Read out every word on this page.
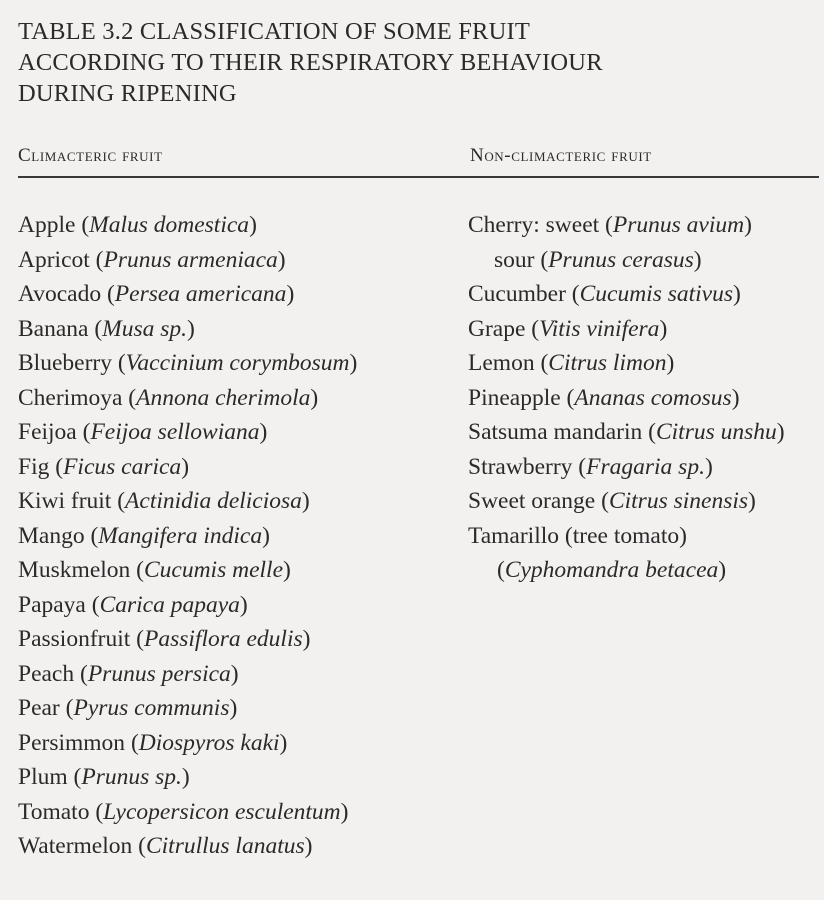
TABLE 3.2 CLASSIFICATION OF SOME FRUIT
ACCORDING TO THEIR RESPIRATORY BEHAVIOUR
DURING RIPENING
Climacteric fruit	Non-climacteric fruit
Apple (Malus domestica)
Apricot (Prunus armeniaca)
Avocado (Persea americana)
Banana (Musa sp.)
Blueberry (Vaccinium corymbosum)
Cherimoya (Annona cherimola)
Feijoa (Feijoa sellowiana)
Fig (Ficus carica)
Kiwi fruit (Actinidia deliciosa)
Mango (Mangifera indica)
Muskmelon (Cucumis melle)
Papaya (Carica papaya)
Passionfruit (Passiflora edulis)
Peach (Prunus persica)
Pear (Pyrus communis)
Persimmon (Diospyros kaki)
Plum (Prunus sp.)
Tomato (Lycopersicon esculentum)
Watermelon (Citrullus lanatus)
Cherry: sweet (Prunus avium)
sour (Prunus cerasus)
Cucumber (Cucumis sativus)
Grape (Vitis vinifera)
Lemon (Citrus limon)
Pineapple (Ananas comosus)
Satsuma mandarin (Citrus unshu)
Strawberry (Fragaria sp.)
Sweet orange (Citrus sinensis)
Tamarillo (tree tomato)
(Cyphomandra betacea)
